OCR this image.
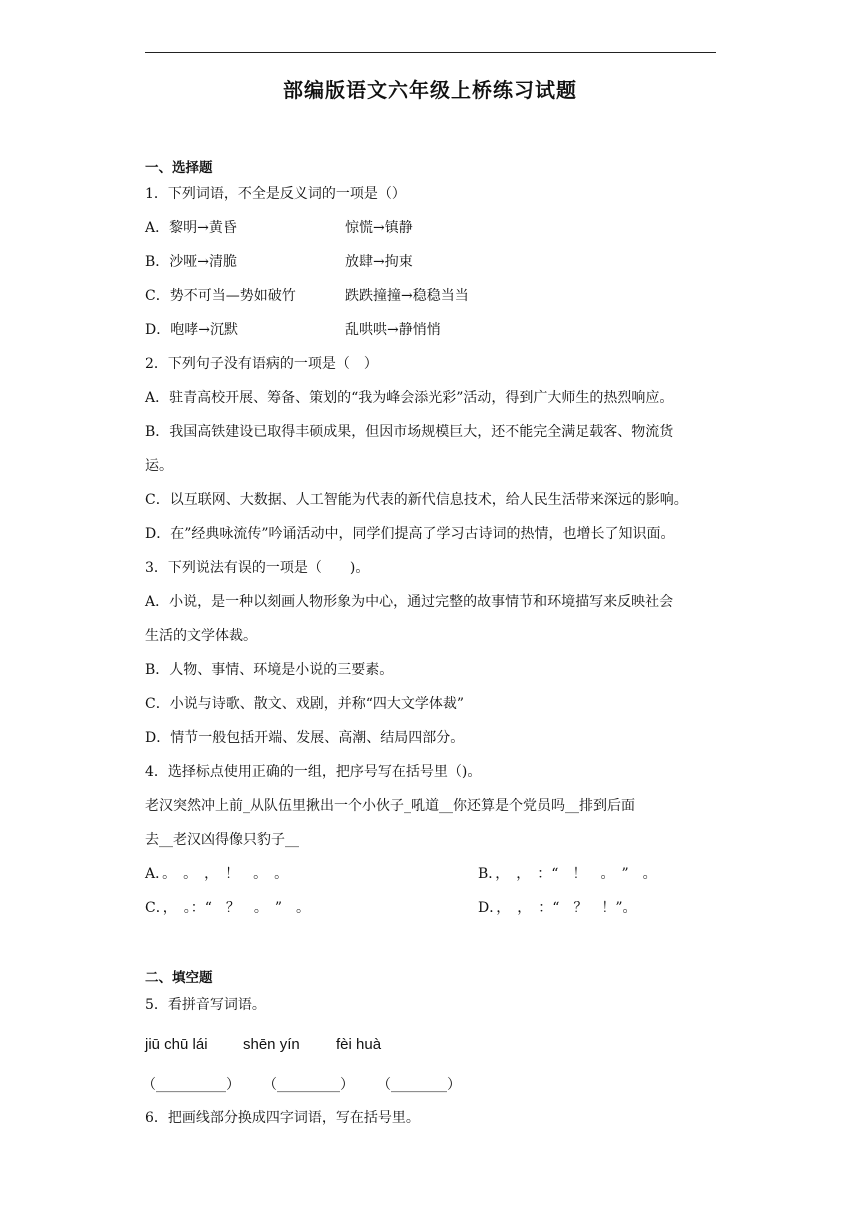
部编版语文六年级上桥练习试题
一、选择题
1．下列词语，不全是反义词的一项是（）
A．黎明→黄昏	惊慌→镇静
B．沙哑→清脆	放肆→拘束
C．势不可当—势如破竹	跌跌撞撞→稳稳当当
D．咆哮→沉默	乱哄哄→静悄悄
2．下列句子没有语病的一项是（　）
A．驻青高校开展、筹备、策划的“我为峰会添光彩”活动，得到广大师生的热烈响应。
B．我国高铁建设已取得丰硕成果，但因市场规模巨大，还不能完全满足载客、物流货
运。
C．以互联网、大数据、人工智能为代表的新代信息技术，给人民生活带来深远的影响。
D．在”经典咏流传”吟诵活动中，同学们提高了学习古诗词的热情，也增长了知识面。
3．下列说法有误的一项是（　　)。
A．小说，是一种以刻画人物形象为中心，通过完整的故事情节和环境描写来反映社会
生活的文学体裁。
B．人物、事情、环境是小说的三要素。
C．小说与诗歌、散文、戏剧，并称“四大文学体裁”
D．情节一般包括开端、发展、高潮、结局四部分。
4．选择标点使用正确的一组，把序号写在括号里（)。
老汉突然冲上前_从队伍里揪出一个小伙子_吼道__你还算是个党员吗__排到后面
去__老汉凶得像只豹子__
A．。　。　，　！　。　。	B．，　，　：“　！　。　”　。
C．，　。：“　？　。　”　。	D．，　，　：“　？　！”。
二、填空题
5．看拼音写词语。
jiū chū lái shēn yín fèi huà
（__________） （_________） （________）
6．把画线部分换成四字词语，写在括号里。
